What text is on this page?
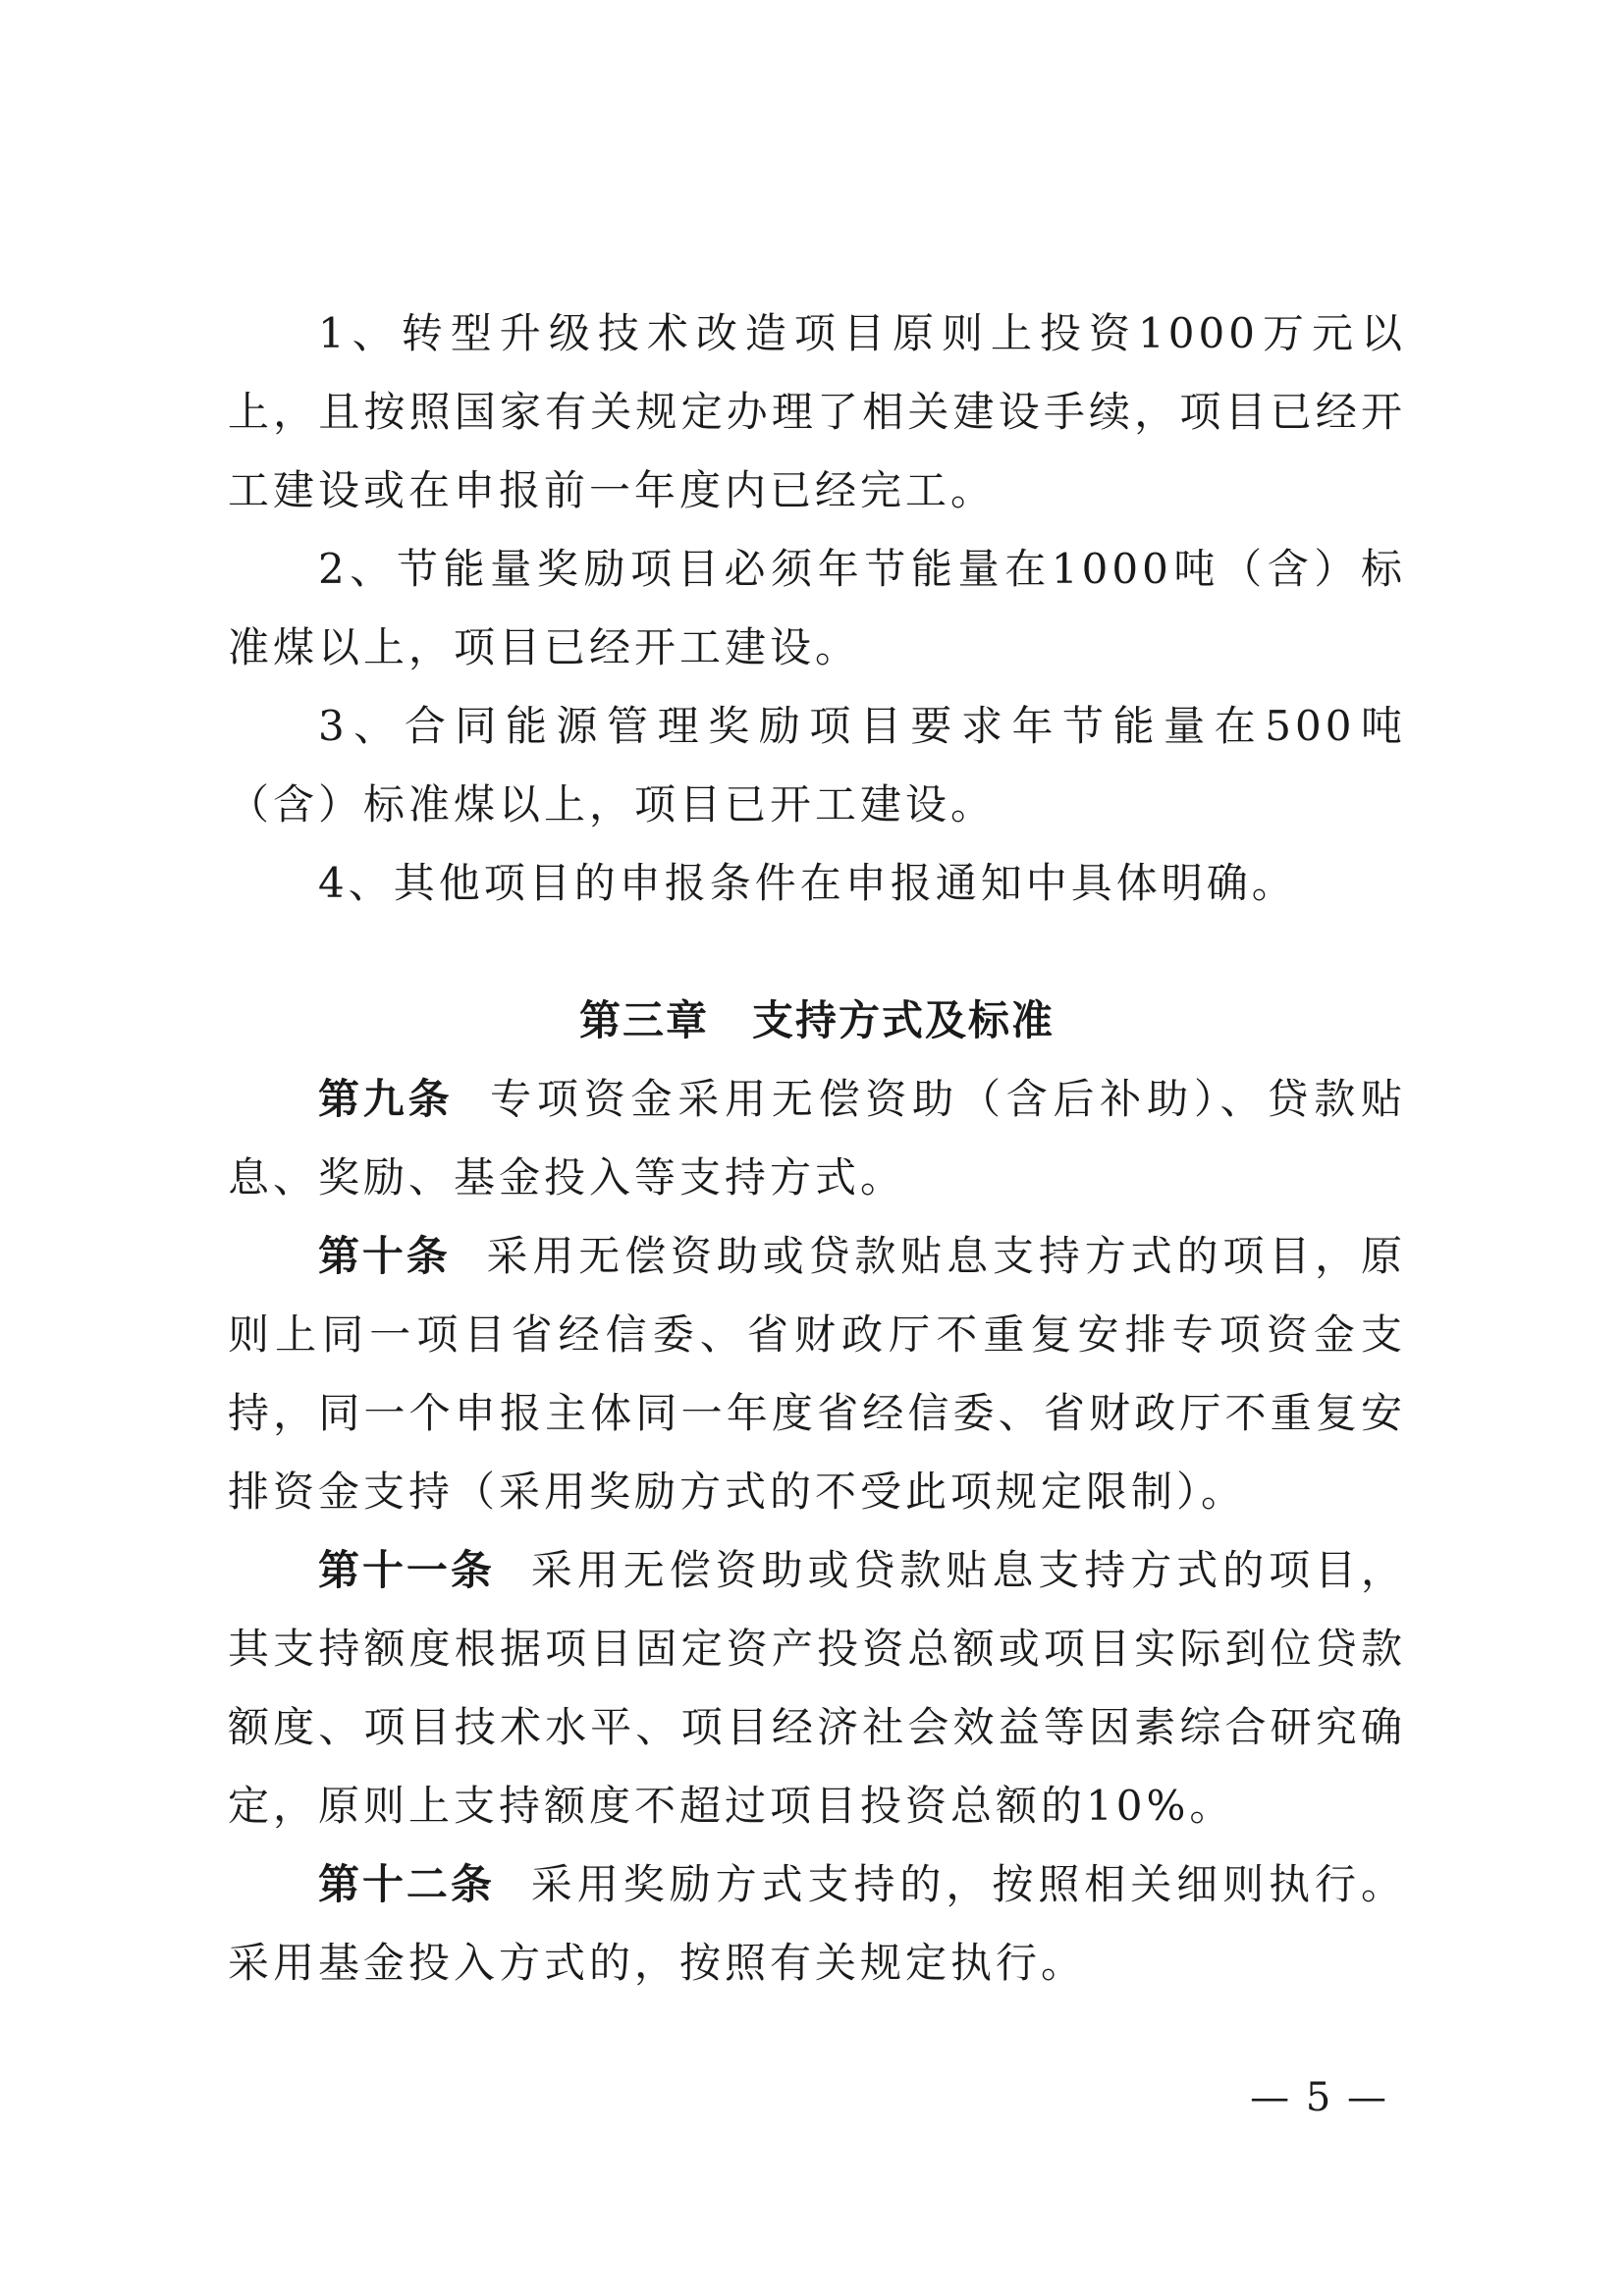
1、转型升级技术改造项目原则上投资1000万元以上，且按照国家有关规定办理了相关建设手续，项目已经开工建设或在申报前一年度内已经完工。

2、节能量奖励项目必须年节能量在1000吨（含）标准煤以上，项目已经开工建设。

3、合同能源管理奖励项目要求年节能量在500吨（含）标准煤以上，项目已开工建设。

4、其他项目的申报条件在申报通知中具体明确。

第三章　支持方式及标准

第九条 专项资金采用无偿资助（含后补助）、贷款贴息、奖励、基金投入等支持方式。

第十条 采用无偿资助或贷款贴息支持方式的项目，原则上同一项目省经信委、省财政厅不重复安排专项资金支持，同一个申报主体同一年度省经信委、省财政厅不重复安排资金支持（采用奖励方式的不受此项规定限制）。

第十一条 采用无偿资助或贷款贴息支持方式的项目，其支持额度根据项目固定资产投资总额或项目实际到位贷款额度、项目技术水平、项目经济社会效益等因素综合研究确定，原则上支持额度不超过项目投资总额的10%。

第十二条 采用奖励方式支持的，按照相关细则执行。采用基金投入方式的，按照有关规定执行。

— 5 —
